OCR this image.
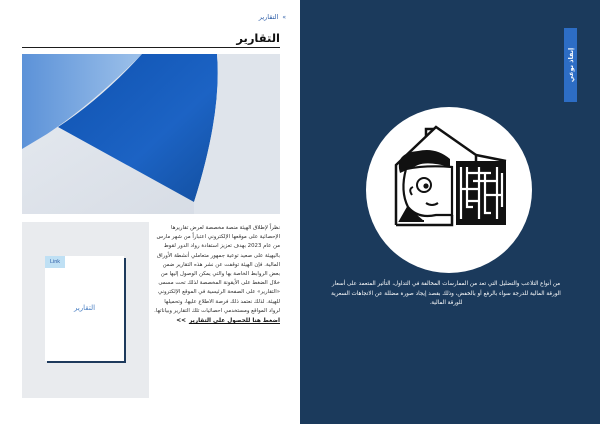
»التقارير
التقارير
نظراً لإطلاق الهيئة منصة مخصصة لعرض تقاريرها الإحصائية على موقعها الإلكتروني اعتباراً من شهر مارس من عام 2023 بهدف تعزيز استفادة رواد الدور لقوط باليهيئة على صعيد توعية جمهور متعاملي أنشطة الأوراق المالية. فإن الهيئة توقفت عن نشر هذه التقارير ضمن بعض الروابط الخاصة بها والتي يمكن الوصول إليها من خلال الضغط على الأيقونة المخصصة لذلك تحت مسمى «التقارير» على الصفحة الرئيسية في الموقع الإلكتروني للهيئة. لذلك نعتمد ذلك فرصة الاطلاع عليها، وتحميلها لرواد المواقع ومستخدمي احصائيات تلك التقارير وبياناتها.
اضغط هنا للحصول على التقارير>>
التقارير
Link
إنفاذ نوعي
من أنواع التلاعب والتضليل التي تعد من الممارسات المخالفة في التداول، التأثير المتعمد على أسعار الورقة المالية للدرجة سواء بالرفع أو بالخفض، وذلك بقصد إيجاد صورة مضللة عن الاتجاهات السعرية للورقة المالية.
